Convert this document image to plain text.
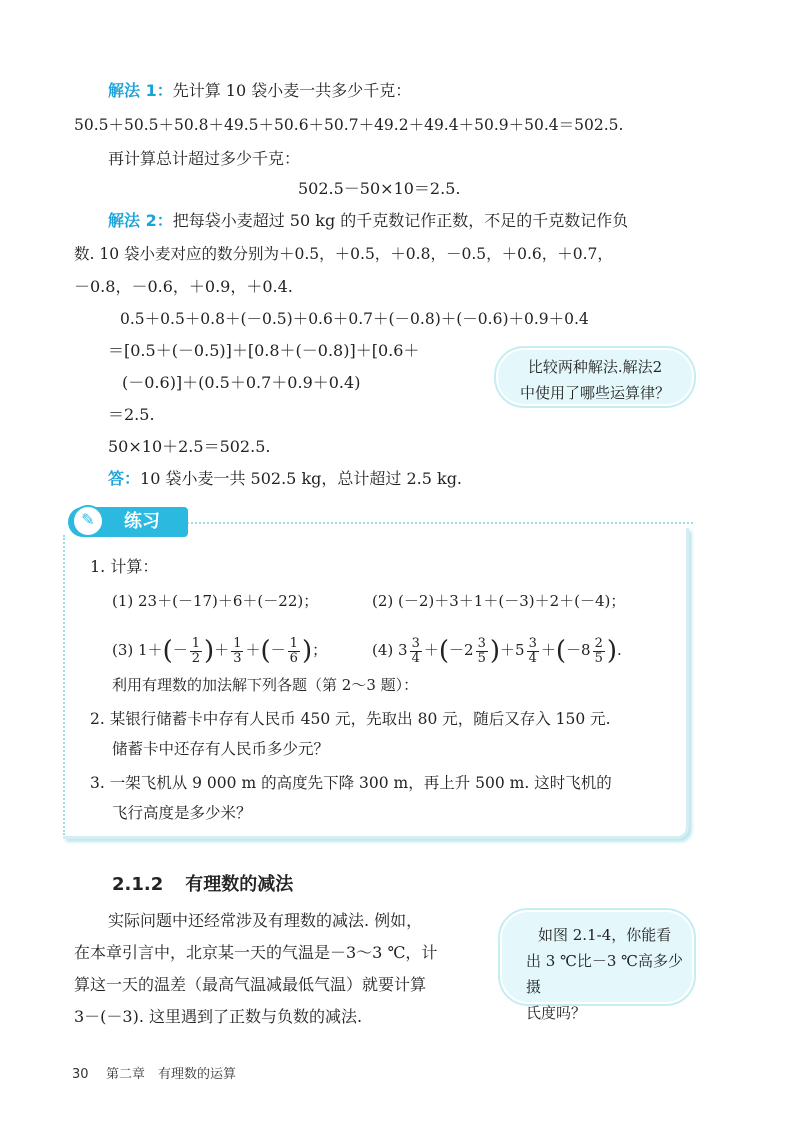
解法 1：先计算 10 袋小麦一共多少千克：
50.5＋50.5＋50.8＋49.5＋50.6＋50.7＋49.2＋49.4＋50.9＋50.4＝502.5.
再计算总计超过多少千克：
502.5－50×10＝2.5.
解法 2：把每袋小麦超过 50 kg 的千克数记作正数，不足的千克数记作负
数. 10 袋小麦对应的数分别为＋0.5，＋0.5，＋0.8，－0.5，＋0.6，＋0.7，
－0.8，－0.6，＋0.9，＋0.4.
0.5＋0.5＋0.8＋(－0.5)＋0.6＋0.7＋(－0.8)＋(－0.6)＋0.9＋0.4
＝[0.5＋(－0.5)]＋[0.8＋(－0.8)]＋[0.6＋
(－0.6)]＋(0.5＋0.7＋0.9＋0.4)
＝2.5.
50×10＋2.5＝502.5.
答：10 袋小麦一共 502.5 kg，总计超过 2.5 kg.
比较两种解法.解法2
中使用了哪些运算律？
✎	练习
1. 计算：
(1) 23＋(－17)＋6＋(－22)；	(2) (－2)＋3＋1＋(－3)＋2＋(－4)；
(3) $1+(- \frac{1}{2}$ )＋ $\frac{1}{3}$ ＋(－ $\frac{1}{6}$ )；	(4) $3 \frac{3}{4} +(-2 \frac{3}{5} )+5 \frac{3}{4} +(-8 \frac{2}{5}$ ).
利用有理数的加法解下列各题（第 2～3 题）：
2. 某银行储蓄卡中存有人民币 450 元，先取出 80 元，随后又存入 150 元.
储蓄卡中还存有人民币多少元？
3. 一架飞机从 9 000 m 的高度先下降 300 m，再上升 500 m. 这时飞机的
飞行高度是多少米？
2.1.2 有理数的减法
实际问题中还经常涉及有理数的减法. 例如，
在本章引言中，北京某一天的气温是－3～3 ℃，计
算这一天的温差（最高气温减最低气温）就要计算
3－(－3). 这里遇到了正数与负数的减法.
如图 2.1-4，你能看
出 3 ℃比－3 ℃高多少摄
氏度吗？
30 第二章　有理数的运算
